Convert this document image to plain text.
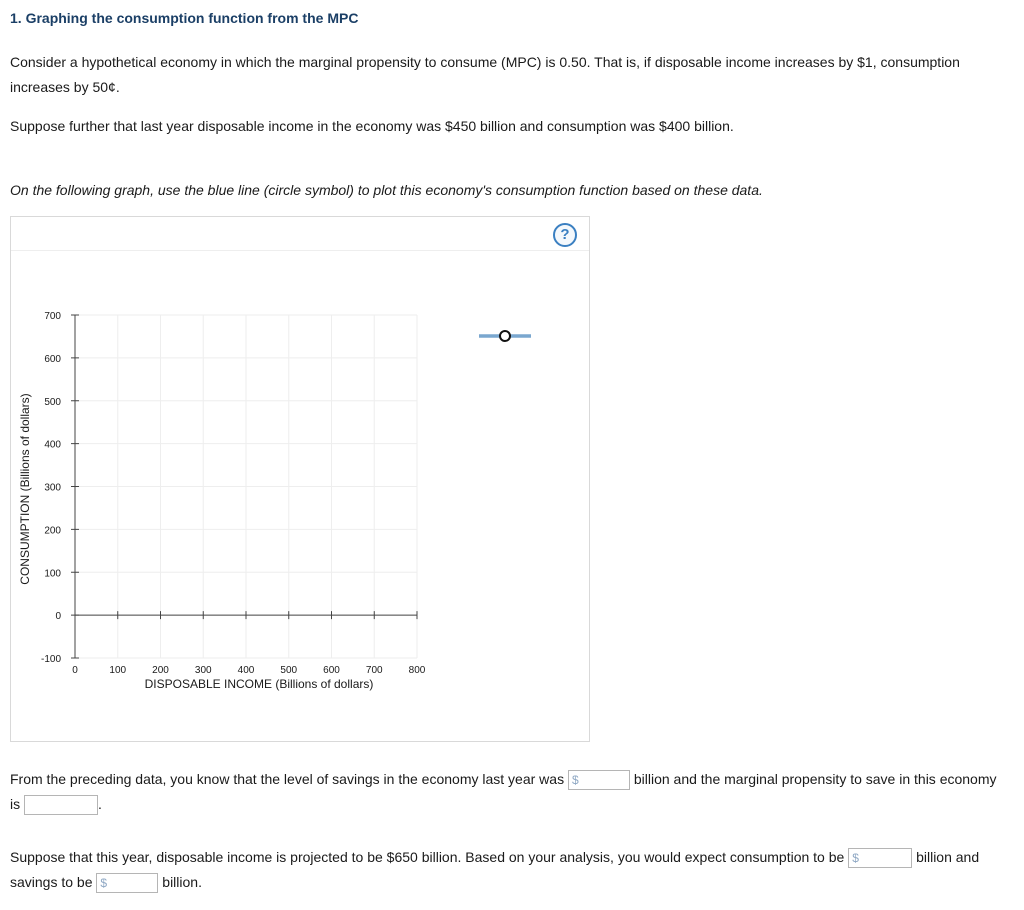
1. Graphing the consumption function from the MPC
Consider a hypothetical economy in which the marginal propensity to consume (MPC) is 0.50. That is, if disposable income increases by $1, consumption increases by 50¢.
Suppose further that last year disposable income in the economy was $450 billion and consumption was $400 billion.
On the following graph, use the blue line (circle symbol) to plot this economy's consumption function based on these data.
?
700
600
500
400
300
200
100
0
-100
0	100	200	300	400	500	600	700	800
DISPOSABLE INCOME (Billions of dollars)
CONSUMPTION (Billions of dollars)
From the preceding data, you know that the level of savings in the economy last year was $	billion and the marginal propensity to save in this economy is	.
Suppose that this year, disposable income is projected to be $650 billion. Based on your analysis, you would expect consumption to be $	billion and savings to be $	billion.
